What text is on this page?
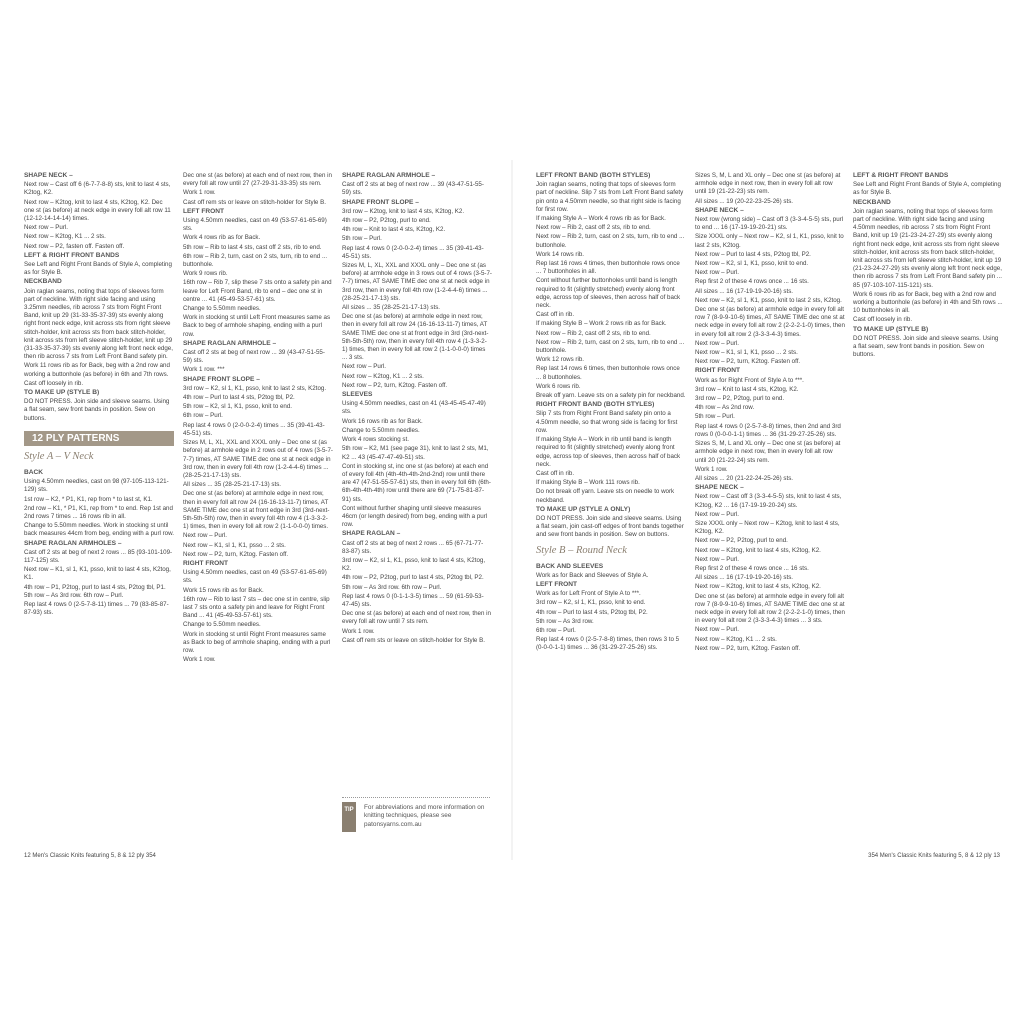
SHAPE NECK –

Next row – Cast off 6 (6-7-7-8-8) sts, knit to last 4 sts, K2tog, K2.

Next row – K2tog, knit to last 4 sts, K2tog, K2. Dec one st (as before) at neck edge in every foll alt row 11 (12-12-14-14-14) times.

Next row – Purl.

Next row – K2tog, K1 ... 2 sts.

Next row – P2, fasten off. Fasten off.

LEFT & RIGHT FRONT BANDS

See Left and Right Front Bands of Style A, completing as for Style B.

NECKBAND

Join raglan seams, noting that tops of sleeves form part of neckline. With right side facing and using 3.25mm needles, rib across 7 sts from Right Front Band, knit up 29 (31-33-35-37-39) sts evenly along right front neck edge, knit across sts from right sleeve stitch-holder, knit across sts from back stitch-holder, knit across sts from left sleeve stitch-holder, knit up 29 (31-33-35-37-39) sts evenly along left front neck edge, then rib across 7 sts from Left Front Band safety pin.

Work 11 rows rib as for Back, beg with a 2nd row and working a buttonhole (as before) in 6th and 7th rows.

Cast off loosely in rib.

TO MAKE UP (STYLE B)

DO NOT PRESS. Join side and sleeve seams. Using a flat seam, sew front bands in position. Sew on buttons.

12 PLY PATTERNS
Style A – V Neck

BACK

Using 4.50mm needles, cast on 98 (97-105-113-121-129) sts.

1st row – K2, * P1, K1, rep from * to last st, K1.

2nd row – K1, * P1, K1, rep from * to end. Rep 1st and 2nd rows 7 times ... 16 rows rib in all.

Change to 5.50mm needles. Work in stocking st until back measures 44cm from beg, ending with a purl row.

SHAPE RAGLAN ARMHOLES –

Cast off 2 sts at beg of next 2 rows ... 85 (93-101-109-117-125) sts.

Next row – K1, sl 1, K1, psso, knit to last 4 sts, K2tog, K1.

4th row – P1, P2tog, purl to last 4 sts, P2tog tbl, P1. 5th row – As 3rd row. 6th row – Purl.

Rep last 4 rows 0 (2-5-7-8-11) times ... 79 (83-85-87-87-93) sts.

Dec one st (as before) at each end of next row, then in every foll alt row until 27 (27-29-31-33-35) sts rem.

Work 1 row.

Cast off rem sts or leave on stitch-holder for Style B.

LEFT FRONT

Using 4.50mm needles, cast on 49 (53-57-61-65-69) sts.

Work 4 rows rib as for Back.

5th row – Rib to last 4 sts, cast off 2 sts, rib to end.

6th row – Rib 2, turn, cast on 2 sts, turn, rib to end ... buttonhole.

Work 9 rows rib.

16th row – Rib 7, slip these 7 sts onto a safety pin and leave for Left Front Band, rib to end – dec one st in centre ... 41 (45-49-53-57-61) sts.

Change to 5.50mm needles.

Work in stocking st until Left Front measures same as Back to beg of armhole shaping, ending with a purl row.

SHAPE RAGLAN ARMHOLE –

Cast off 2 sts at beg of next row ... 39 (43-47-51-55-59) sts.

Work 1 row. ***

SHAPE FRONT SLOPE –

3rd row – K2, sl 1, K1, psso, knit to last 2 sts, K2tog.

4th row – Purl to last 4 sts, P2tog tbl, P2.

5th row – K2, sl 1, K1, psso, knit to end.

6th row – Purl.

Rep last 4 rows 0 (2-0-0-2-4) times ... 35 (39-41-43-45-51) sts.

Sizes M, L, XL, XXL and XXXL only – Dec one st (as before) at armhole edge in 2 rows out of 4 rows (3-5-7-7-7) times, AT SAME TIME dec one st at neck edge in 3rd row, then in every foll 4th row (1-2-4-4-6) times ... (28-25-21-17-13) sts.

All sizes ... 35 (28-25-21-17-13) sts.

Dec one st (as before) at armhole edge in next row, then in every foll alt row 24 (16-16-13-11-7) times, AT SAME TIME dec one st at front edge in 3rd (3rd-next-5th-5th-5th) row, then in every foll 4th row 4 (1-3-3-2-1) times, then in every foll alt row 2 (1-1-0-0-0) times.

Next row – Purl.

Next row – K1, sl 1, K1, psso ... 2 sts.

Next row – P2, turn, K2tog. Fasten off.

RIGHT FRONT

Using 4.50mm needles, cast on 49 (53-57-61-65-69) sts.

Work 15 rows rib as for Back.

16th row – Rib to last 7 sts – dec one st in centre, slip last 7 sts onto a safety pin and leave for Right Front Band ... 41 (45-49-53-57-61) sts.

Change to 5.50mm needles.

Work in stocking st until Right Front measures same as Back to beg of armhole shaping, ending with a purl row.

Work 1 row.

SHAPE RAGLAN ARMHOLE –

Cast off 2 sts at beg of next row ... 39 (43-47-51-55-59) sts.

SHAPE FRONT SLOPE –

3rd row – K2tog, knit to last 4 sts, K2tog, K2.

4th row – P2, P2tog, purl to end.

4th row – Knit to last 4 sts, K2tog, K2.

5th row – Purl.

Rep last 4 rows 0 (2-0-0-2-4) times ... 35 (39-41-43-45-51) sts.

Sizes M, L, XL, XXL and XXXL only – Dec one st (as before) at armhole edge in 3 rows out of 4 rows (3-5-7-7-7) times, AT SAME TIME dec one st at neck edge in 3rd row, then in every foll 4th row (1-2-4-4-6) times ... (28-25-21-17-13) sts.

All sizes ... 35 (28-25-21-17-13) sts.

Dec one st (as before) at armhole edge in next row, then in every foll alt row 24 (16-16-13-11-7) times, AT SAME TIME dec one st at front edge in 3rd (3rd-next-5th-5th-5th) row, then in every foll 4th row 4 (1-3-3-2-1) times, then in every foll alt row 2 (1-1-0-0-0) times ... 3 sts.

Next row – Purl.

Next row – K2tog, K1 ... 2 sts.

Next row – P2, turn, K2tog. Fasten off.

SLEEVES

Using 4.50mm needles, cast on 41 (43-45-45-47-49) sts.

Work 16 rows rib as for Back.

Change to 5.50mm needles.

Work 4 rows stocking st.

5th row – K2, M1 (see page 31), knit to last 2 sts, M1, K2 ... 43 (45-47-47-49-51) sts.

Cont in stocking st, inc one st (as before) at each end of every foll 4th (4th-4th-4th-2nd-2nd) row until there are 47 (47-51-55-57-61) sts, then in every foll 6th (6th-6th-4th-4th-4th) row until there are 69 (71-75-81-87-91) sts.

Cont without further shaping until sleeve measures 46cm (or length desired) from beg, ending with a purl row.

SHAPE RAGLAN –

Cast off 2 sts at beg of next 2 rows ... 65 (67-71-77-83-87) sts.

3rd row – K2, sl 1, K1, psso, knit to last 4 sts, K2tog, K2.

4th row – P2, P2tog, purl to last 4 sts, P2tog tbl, P2.

5th row – As 3rd row. 6th row – Purl.

Rep last 4 rows 0 (0-1-1-3-5) times ... 59 (61-59-53-47-45) sts.

Dec one st (as before) at each end of next row, then in every foll alt row until 7 sts rem.

Work 1 row.

Cast off rem sts or leave on stitch-holder for Style B.

TIP	For abbreviations and more information on knitting techniques, please see patonsyarns.com.au

LEFT FRONT BAND (BOTH STYLES)

Join raglan seams, noting that tops of sleeves form part of neckline. Slip 7 sts from Left Front Band safety pin onto a 4.50mm needle, so that right side is facing for first row.

If making Style A – Work 4 rows rib as for Back.

Next row – Rib 2, cast off 2 sts, rib to end.

Next row – Rib 2, turn, cast on 2 sts, turn, rib to end ... buttonhole.

Work 14 rows rib.

Rep last 16 rows 4 times, then buttonhole rows once ... 7 buttonholes in all.

Cont without further buttonholes until band is length required to fit (slightly stretched) evenly along front edge, across top of sleeves, then across half of back neck.

Cast off in rib.

If making Style B – Work 2 rows rib as for Back.

Next row – Rib 2, cast off 2 sts, rib to end.

Next row – Rib 2, turn, cast on 2 sts, turn, rib to end ... buttonhole.

Work 12 rows rib.

Rep last 14 rows 6 times, then buttonhole rows once ... 8 buttonholes.

Work 6 rows rib.

Break off yarn. Leave sts on a safety pin for neckband.

RIGHT FRONT BAND (BOTH STYLES)

Slip 7 sts from Right Front Band safety pin onto a 4.50mm needle, so that wrong side is facing for first row.

If making Style A – Work in rib until band is length required to fit (slightly stretched) evenly along front edge, across top of sleeves, then across half of back neck.

Cast off in rib.

If making Style B – Work 111 rows rib.

Do not break off yarn. Leave sts on needle to work neckband.

TO MAKE UP (STYLE A ONLY)

DO NOT PRESS. Join side and sleeve seams. Using a flat seam, join cast-off edges of front bands together and sew front bands in position. Sew on buttons.

Style B – Round Neck

BACK AND SLEEVES

Work as for Back and Sleeves of Style A.

LEFT FRONT

Work as for Left Front of Style A to ***.

3rd row – K2, sl 1, K1, psso, knit to end.

4th row – Purl to last 4 sts, P2tog tbl, P2.

5th row – As 3rd row.

6th row – Purl.

Rep last 4 rows 0 (2-5-7-8-8) times, then rows 3 to 5 (0-0-0-1-1) times ... 36 (31-29-27-25-26) sts.

Sizes S, M, L and XL only – Dec one st (as before) at armhole edge in next row, then in every foll alt row until 19 (21-22-23) sts rem.

All sizes ... 19 (20-22-23-25-26) sts.

SHAPE NECK –

Next row (wrong side) – Cast off 3 (3-3-4-5-5) sts, purl to end ... 16 (17-19-19-20-21) sts.

Size XXXL only – Next row – K2, sl 1, K1, psso, knit to last 2 sts, K2tog.

Next row – Purl to last 4 sts, P2tog tbl, P2.

Next row – K2, sl 1, K1, psso, knit to end.

Next row – Purl.

Rep first 2 of these 4 rows once ... 16 sts.

All sizes ... 16 (17-19-19-20-16) sts.

Next row – K2, sl 1, K1, psso, knit to last 2 sts, K2tog.

Dec one st (as before) at armhole edge in every foll alt row 7 (8-9-9-10-6) times, AT SAME TIME dec one st at neck edge in every foll alt row 2 (2-2-2-1-0) times, then in every foll alt row 2 (3-3-3-4-3) times.

Next row – Purl.

Next row – K1, sl 1, K1, psso ... 2 sts.

Next row – P2, turn, K2tog. Fasten off.

RIGHT FRONT

Work as for Right Front of Style A to ***.

3rd row – Knit to last 4 sts, K2tog, K2.

3rd row – P2, P2tog, purl to end.

4th row – As 2nd row.

5th row – Purl.

Rep last 4 rows 0 (2-5-7-8-8) times, then 2nd and 3rd rows 0 (0-0-0-1-1) times ... 36 (31-29-27-25-26) sts.

Sizes S, M, L and XL only – Dec one st (as before) at armhole edge in next row, then in every foll alt row until 20 (21-22-24) sts rem.

Work 1 row.

All sizes ... 20 (21-22-24-25-26) sts.

SHAPE NECK –

Next row – Cast off 3 (3-3-4-5-5) sts, knit to last 4 sts, K2tog, K2 ... 16 (17-19-19-20-24) sts.

Next row – Purl.

Size XXXL only – Next row – K2tog, knit to last 4 sts, K2tog, K2.

Next row – P2, P2tog, purl to end.

Next row – K2tog, knit to last 4 sts, K2tog, K2.

Next row – Purl.

Rep first 2 of these 4 rows once ... 16 sts.

All sizes ... 16 (17-19-19-20-16) sts.

Next row – K2tog, knit to last 4 sts, K2tog, K2.

Dec one st (as before) at armhole edge in every foll alt row 7 (8-9-9-10-6) times, AT SAME TIME dec one st at neck edge in every foll alt row 2 (2-2-2-1-0) times, then in every foll alt row 2 (3-3-3-4-3) times ... 3 sts.

Next row – Purl.

Next row – K2tog, K1 ... 2 sts.

Next row – P2, turn, K2tog. Fasten off.

LEFT & RIGHT FRONT BANDS

See Left and Right Front Bands of Style A, completing as for Style B.

NECKBAND

Join raglan seams, noting that tops of sleeves form part of neckline. With right side facing and using 4.50mm needles, rib across 7 sts from Right Front Band, knit up 19 (21-23-24-27-29) sts evenly along right front neck edge, knit across sts from right sleeve stitch-holder, knit across sts from back stitch-holder, knit across sts from left sleeve stitch-holder, knit up 19 (21-23-24-27-29) sts evenly along left front neck edge, then rib across 7 sts from Left Front Band safety pin ... 85 (97-103-107-115-121) sts.

Work 6 rows rib as for Back, beg with a 2nd row and working a buttonhole (as before) in 4th and 5th rows ... 10 buttonholes in all.

Cast off loosely in rib.

TO MAKE UP (STYLE B)

DO NOT PRESS. Join side and sleeve seams. Using a flat seam, sew front bands in position. Sew on buttons.

12 Men's Classic Knits featuring 5, 8 & 12 ply 354	354 Men's Classic Knits featuring 5, 8 & 12 ply 13
